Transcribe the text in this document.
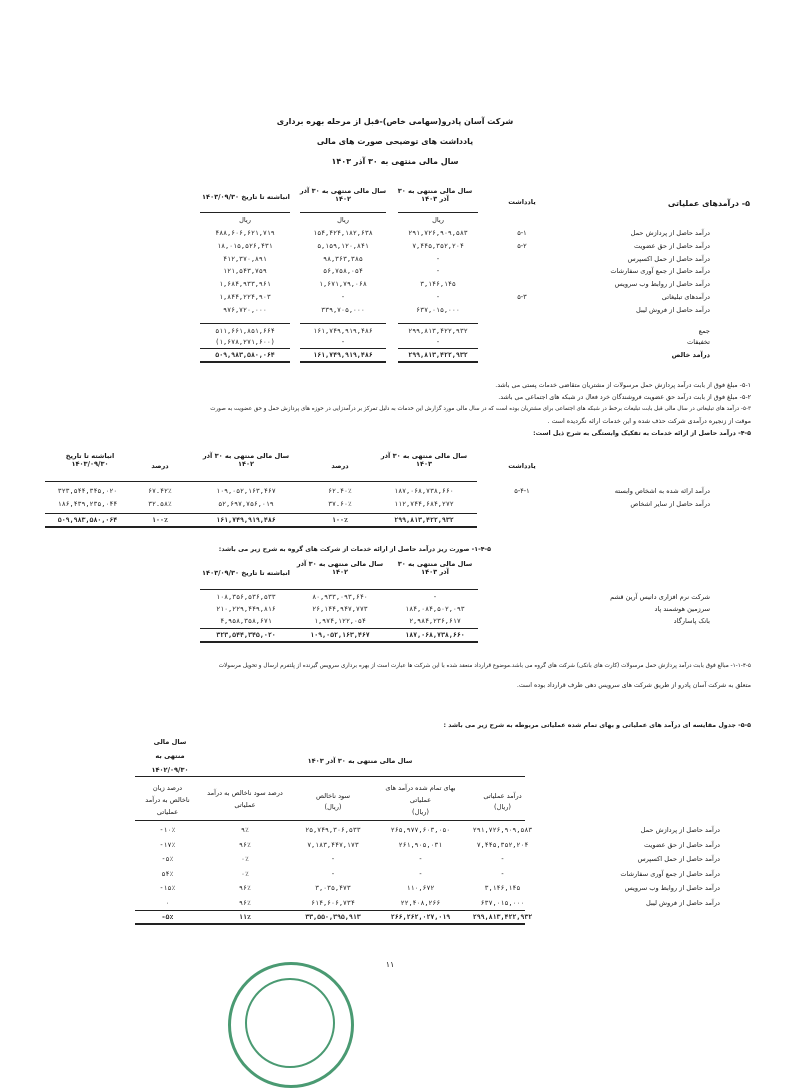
شرکت آسان پادرو(سهامی خاص)-قبل از مرحله بهره برداری
یادداشت های توضیحی صورت های مالی
سال مالی منتهی به ۳۰ آذر ۱۴۰۳
۵- درآمدهای عملیاتی
یادداشت
سال مالی منتهی به ۳۰ آذر ۱۴۰۳
سال مالی منتهی به ۳۰ آذر ۱۴۰۲
انباشته تا تاریخ ۱۴۰۳/۰۹/۳۰
ریال
ریال
ریال
درآمد حاصل از پردازش حمل
۵-۱
۲۹۱,۷۲۶,۹۰۹,۵۸۳
۱۵۴,۴۲۴,۱۸۲,۶۳۸
۴۸۸,۶۰۶,۶۲۱,۷۱۹
درآمد حاصل از حق عضویت
۵-۲
۷,۴۴۵,۳۵۲,۲۰۴
۵,۱۵۹,۱۲۰,۸۴۱
۱۸,۰۱۵,۵۲۶,۴۳۱
درآمد حاصل از حمل اکسپرس
-
۹۸,۳۶۳,۳۸۵
۴۱۲,۳۷۰,۸۹۱
درآمد حاصل از جمع آوری سفارشات
-
۵۶,۷۵۸,۰۵۴
۱۲۱,۵۴۳,۷۵۹
درآمد حاصل از روابط وب سرویس
۳,۱۴۶,۱۴۵
۱,۶۷۱,۷۹,۰۶۸
۱,۶۸۴,۹۳۳,۹۶۱
درآمدهای تبلیغاتی
۵-۳
-
-
۱,۸۴۴,۲۲۴,۹۰۳
درآمد حاصل از فروش لیبل
۶۳۷,۰۱۵,۰۰۰
۳۳۹,۷۰۵,۰۰۰
۹۷۶,۷۲۰,۰۰۰
جمع
۲۹۹,۸۱۳,۴۲۲,۹۳۲
۱۶۱,۷۴۹,۹۱۹,۴۸۶
۵۱۱,۶۶۱,۸۵۱,۶۶۴
تخفیفات
-
-
(۱,۶۷۸,۲۷۱,۶۰۰)
درآمد خالص
۲۹۹,۸۱۳,۴۲۲,۹۳۲
۱۶۱,۷۴۹,۹۱۹,۴۸۶
۵۰۹,۹۸۳,۵۸۰,۰۶۴
۵-۱- مبلغ فوق از بابت درآمد پردازش حمل مرسولات از مشتریان متقاضی خدمات پستی می باشد.
۵-۲- مبلغ فوق از بابت درآمد حق عضویت فروشندگان خرد فعال در شبکه های اجتماعی می باشد.
۵-۳- درآمد های تبلیغاتی در سال مالی قبل بابت تبلیغات برخط در شبکه های اجتماعی برای مشتریان بوده است که در سال مالی مورد گزارش این خدمات به دلیل تمرکز بر درآمدزایی در حوزه های پردازش حمل و حق عضویت به صورت
موقت از زنجیره درآمدی شرکت حذف شده و این خدمات ارائه نگردیده است .
۴-۵- درآمد حاصل از ارائه خدمات به تفکیک وابستگی به شرح ذیل است:
یادداشت
سال مالی منتهی به ۳۰ آذر ۱۴۰۳
درصد
سال مالی منتهی به ۳۰ آذر ۱۴۰۲
درصد
انباشته تا تاریخ ۱۴۰۳/۰۹/۳۰
درآمد ارائه شده به اشخاص وابسته
۵-۴-۱
۱۸۷,۰۶۸,۷۳۸,۶۶۰
۶۲.۴۰٪
۱۰۹,۰۵۲,۱۶۳,۴۶۷
۶۷.۴۲٪
۳۲۳,۵۴۴,۳۴۵,۰۲۰
درآمد حاصل از سایر اشخاص
۱۱۲,۷۴۴,۶۸۴,۲۷۲
۳۷.۶۰٪
۵۲,۶۹۷,۷۵۶,۰۱۹
۳۲.۵۸٪
۱۸۶,۴۳۹,۲۳۵,۰۴۴
۲۹۹,۸۱۳,۴۲۲,۹۳۲
۱۰۰٪
۱۶۱,۷۴۹,۹۱۹,۴۸۶
۱۰۰٪
۵۰۹,۹۸۳,۵۸۰,۰۶۴
۱-۴-۵- صورت ریز درآمد حاصل از ارائه خدمات از شرکت های گروه به شرح زیر می باشد:
سال مالی منتهی به ۳۰ آذر ۱۴۰۳
سال مالی منتهی به ۳۰ آذر ۱۴۰۲
انباشته تا تاریخ ۱۴۰۳/۰۹/۳۰
شرکت نرم افزاری دانیس آرین قشم
-
۸۰,۹۳۳,۰۹۳,۶۴۰
۱۰۸,۳۵۶,۵۳۶,۵۳۳
سرزمین هوشمند پاد
۱۸۴,۰۸۴,۵۰۲,۰۹۳
۲۶,۱۴۴,۹۴۷,۷۷۳
۲۱۰,۲۲۹,۴۴۹,۸۱۶
بانک پاسارگاد
۲,۹۸۴,۲۳۶,۶۱۷
۱,۹۷۴,۱۲۲,۰۵۴
۴,۹۵۸,۳۵۸,۶۷۱
۱۸۷,۰۶۸,۷۳۸,۶۶۰
۱۰۹,۰۵۲,۱۶۳,۴۶۷
۳۲۳,۵۴۴,۳۴۵,۰۲۰
۱-۱-۴-۵- مبالغ فوق بابت درآمد پردازش حمل مرسولات (کارت های بانکی) شرکت های گروه می باشد.موضوع قرارداد منعقد شده با این شرکت ها عبارت است از بهره برداری سرویس گیرنده از پلتفرم ارسال و تحویل مرسولات
متعلق به شرکت آسان پادرو از طریق شرکت های سرویس دهی طرف قرارداد بوده است.
۵-۵- جدول مقایسه ای درآمد های عملیاتی و بهای تمام شده عملیاتی مربوطه به شرح زیر می باشد :
سال مالی
منتهی به
۱۴۰۲/۰۹/۳۰
سال مالی منتهی به ۳۰ آذر ۱۴۰۳
درآمد عملیاتی
(ریال)
بهای تمام شده درآمد های
عملیاتی
(ریال)
سود ناخالص
(ریال)
درصد سود ناخالص به درآمد
عملیاتی
درصد زیان
ناخالص به درآمد
عملیاتی
درآمد حاصل از پردازش حمل
۲۹۱,۷۲۶,۹۰۹,۵۸۳
۲۶۵,۹۷۷,۶۰۳,۰۵۰
۲۵,۷۴۹,۳۰۶,۵۳۳
۹٪
-۱۰٪
درآمد حاصل از حق عضویت
۷,۴۴۵,۳۵۲,۲۰۴
۲۶۱,۹۰۵,۰۳۱
۷,۱۸۳,۴۴۷,۱۷۳
۹۶٪
-۱۷٪
درآمد حاصل از حمل اکسپرس
-
-
-
۰٪
-۵٪
درآمد حاصل از جمع آوری سفارشات
-
-
-
۰٪
۵۴٪
درآمد حاصل از روابط وب سرویس
۳,۱۴۶,۱۴۵
۱۱۰,۶۷۲
۳,۰۳۵,۴۷۳
۹۶٪
-۱۵٪
درآمد حاصل از فروش لیبل
۶۳۷,۰۱۵,۰۰۰
۲۲,۴۰۸,۲۶۶
۶۱۴,۶۰۶,۷۳۴
۹۶٪
۰
۲۹۹,۸۱۳,۴۲۲,۹۳۲
۲۶۶,۲۶۲,۰۲۷,۰۱۹
۳۳,۵۵۰,۳۹۵,۹۱۳
۱۱٪
-۵٪
۱۱
